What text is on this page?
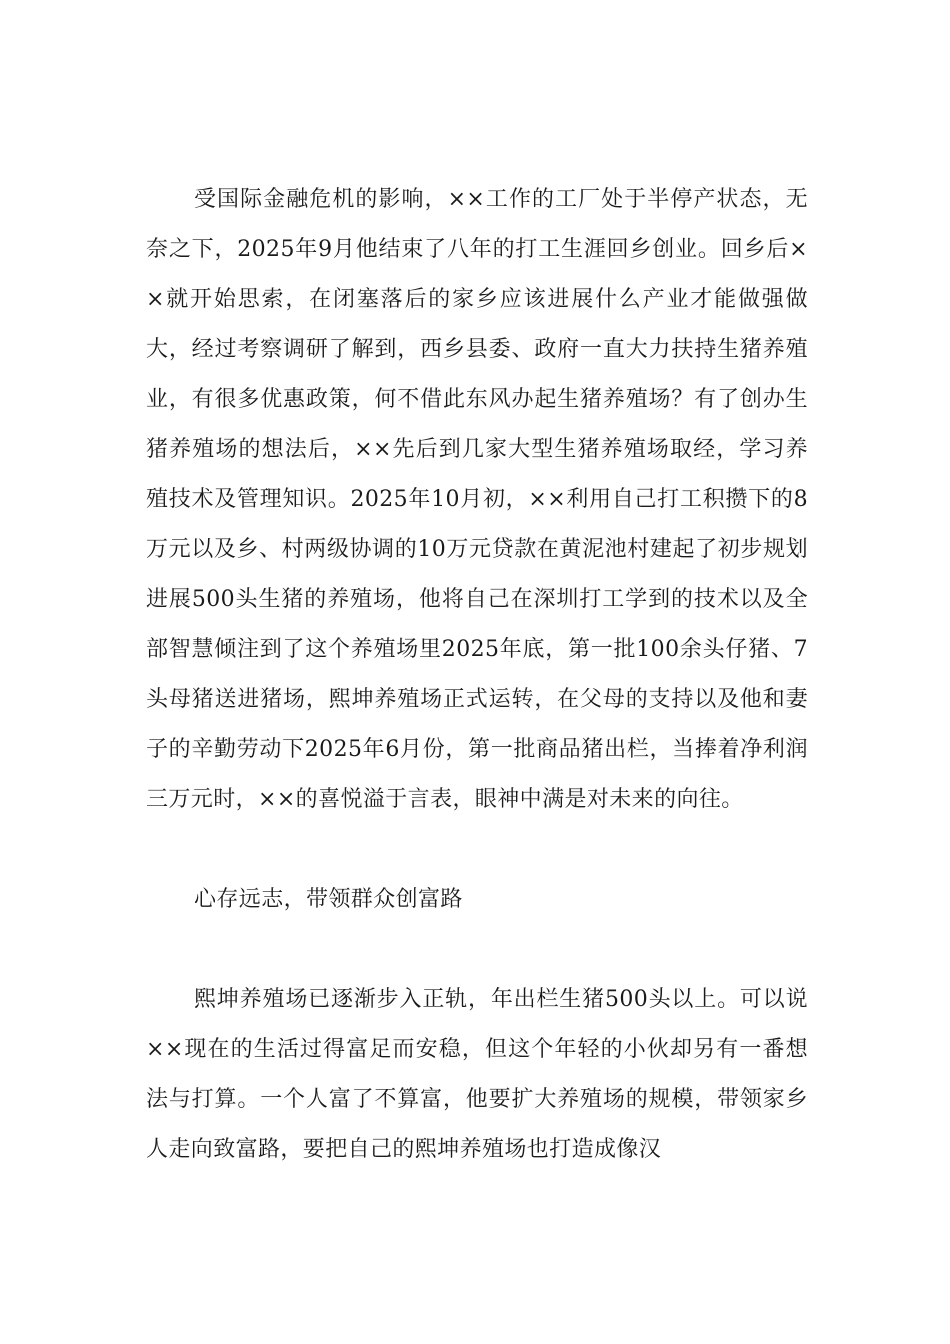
受国际金融危机的影响，××工作的工厂处于半停产状态，无奈之下，2025年9月他结束了八年的打工生涯回乡创业。回乡后××就开始思索，在闭塞落后的家乡应该进展什么产业才能做强做大，经过考察调研了解到，西乡县委、政府一直大力扶持生猪养殖业，有很多优惠政策，何不借此东风办起生猪养殖场？有了创办生猪养殖场的想法后，××先后到几家大型生猪养殖场取经，学习养殖技术及管理知识。2025年10月初，××利用自己打工积攒下的8万元以及乡、村两级协调的10万元贷款在黄泥池村建起了初步规划进展500头生猪的养殖场，他将自己在深圳打工学到的技术以及全部智慧倾注到了这个养殖场里2025年底，第一批100余头仔猪、7头母猪送进猪场，熙坤养殖场正式运转，在父母的支持以及他和妻子的辛勤劳动下2025年6月份，第一批商品猪出栏，当捧着净利润三万元时，××的喜悦溢于言表，眼神中满是对未来的向往。

心存远志，带领群众创富路

熙坤养殖场已逐渐步入正轨，年出栏生猪500头以上。可以说××现在的生活过得富足而安稳，但这个年轻的小伙却另有一番想法与打算。一个人富了不算富，他要扩大养殖场的规模，带领家乡人走向致富路，要把自己的熙坤养殖场也打造成像汉
